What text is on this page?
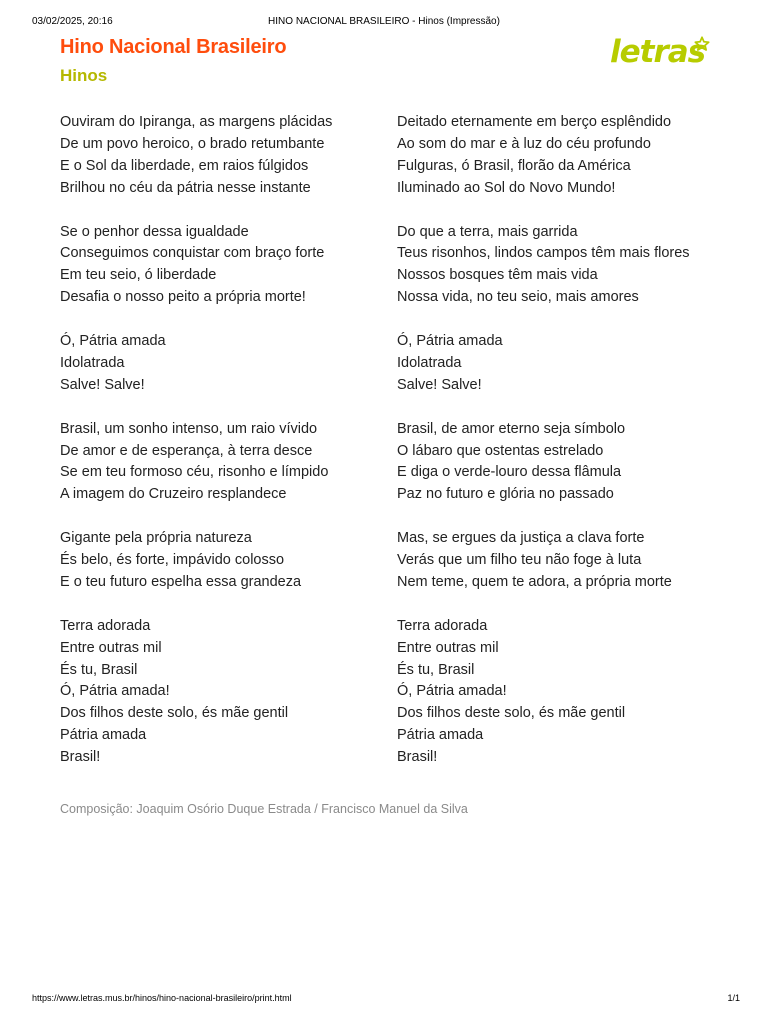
03/02/2025, 20:16	HINO NACIONAL BRASILEIRO - Hinos (Impressão)
Hino Nacional Brasileiro
Hinos
letras
Ouviram do Ipiranga, as margens plácidas
De um povo heroico, o brado retumbante
E o Sol da liberdade, em raios fúlgidos
Brilhou no céu da pátria nesse instante
Se o penhor dessa igualdade
Conseguimos conquistar com braço forte
Em teu seio, ó liberdade
Desafia o nosso peito a própria morte!
Ó, Pátria amada
Idolatrada
Salve! Salve!
Brasil, um sonho intenso, um raio vívido
De amor e de esperança, à terra desce
Se em teu formoso céu, risonho e límpido
A imagem do Cruzeiro resplandece
Gigante pela própria natureza
És belo, és forte, impávido colosso
E o teu futuro espelha essa grandeza
Terra adorada
Entre outras mil
És tu, Brasil
Ó, Pátria amada!
Dos filhos deste solo, és mãe gentil
Pátria amada
Brasil!
Deitado eternamente em berço esplêndido
Ao som do mar e à luz do céu profundo
Fulguras, ó Brasil, florão da América
Iluminado ao Sol do Novo Mundo!
Do que a terra, mais garrida
Teus risonhos, lindos campos têm mais flores
Nossos bosques têm mais vida
Nossa vida, no teu seio, mais amores
Ó, Pátria amada
Idolatrada
Salve! Salve!
Brasil, de amor eterno seja símbolo
O lábaro que ostentas estrelado
E diga o verde-louro dessa flâmula
Paz no futuro e glória no passado
Mas, se ergues da justiça a clava forte
Verás que um filho teu não foge à luta
Nem teme, quem te adora, a própria morte
Terra adorada
Entre outras mil
És tu, Brasil
Ó, Pátria amada!
Dos filhos deste solo, és mãe gentil
Pátria amada
Brasil!
Composição: Joaquim Osório Duque Estrada / Francisco Manuel da Silva
https://www.letras.mus.br/hinos/hino-nacional-brasileiro/print.html	1/1
